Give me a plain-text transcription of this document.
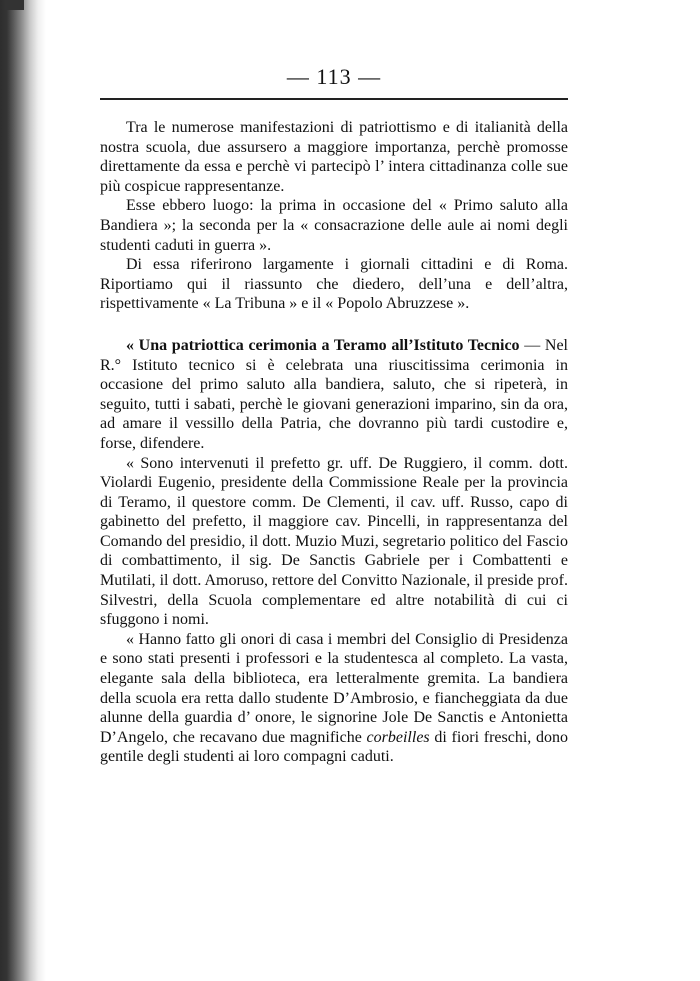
— 113 —

Tra le numerose manifestazioni di patriottismo e di italianità della nostra scuola, due assursero a maggiore importanza, perchè promosse direttamente da essa e perchè vi partecipò l’ intera cittadinanza colle sue più cospicue rappresentanze.

Esse ebbero luogo: la prima in occasione del « Primo saluto alla Bandiera »; la seconda per la « consacrazione delle aule ai nomi degli studenti caduti in guerra ».

Di essa riferirono largamente i giornali cittadini e di Roma. Riportiamo qui il riassunto che diedero, dell’una e dell’altra, rispettivamente « La Tribuna » e il « Popolo Abruzzese ».

« Una patriottica cerimonia a Teramo all’Istituto Tecnico — Nel R.° Istituto tecnico si è celebrata una riuscitissima cerimonia in occasione del primo saluto alla bandiera, saluto, che si ripeterà, in seguito, tutti i sabati, perchè le giovani generazioni imparino, sin da ora, ad amare il vessillo della Patria, che dovranno più tardi custodire e, forse, difendere.

« Sono intervenuti il prefetto gr. uff. De Ruggiero, il comm. dott. Violardi Eugenio, presidente della Commissione Reale per la provincia di Teramo, il questore comm. De Clementi, il cav. uff. Russo, capo di gabinetto del prefetto, il maggiore cav. Pincelli, in rappresentanza del Comando del presidio, il dott. Muzio Muzi, segretario politico del Fascio di combattimento, il sig. De Sanctis Gabriele per i Combattenti e Mutilati, il dott. Amoruso, rettore del Convitto Nazionale, il preside prof. Silvestri, della Scuola complementare ed altre notabilità di cui ci sfuggono i nomi.

« Hanno fatto gli onori di casa i membri del Consiglio di Presidenza e sono stati presenti i professori e la studentesca al completo. La vasta, elegante sala della biblioteca, era letteralmente gremita. La bandiera della scuola era retta dallo studente D’Ambrosio, e fiancheggiata da due alunne della guardia d’ onore, le signorine Jole De Sanctis e Antonietta D’Angelo, che recavano due magnifiche corbeilles di fiori freschi, dono gentile degli studenti ai loro compagni caduti.
